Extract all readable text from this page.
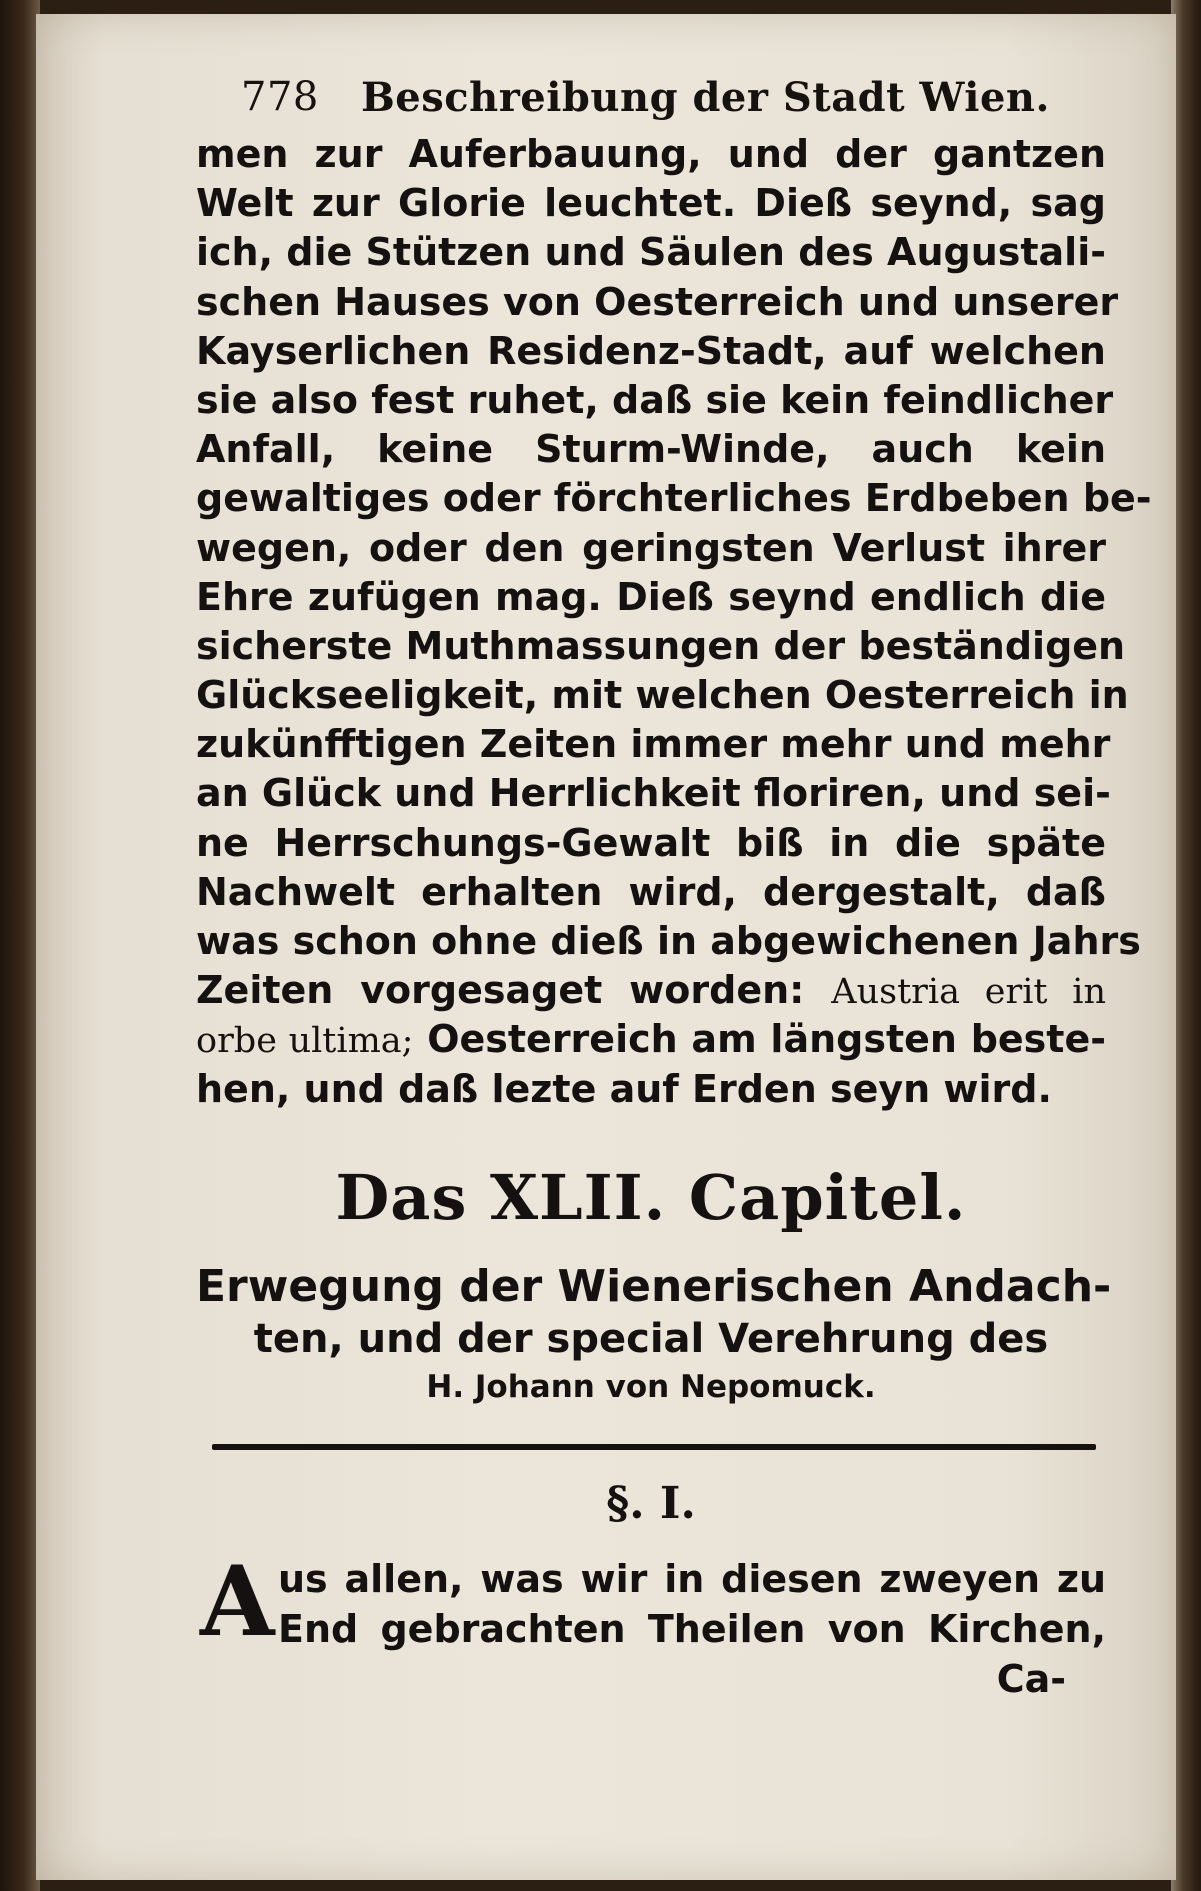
778 Beschreibung der Stadt Wien.
men zur Auferbauung, und der gantzen
Welt zur Glorie leuchtet. Dieß seynd, sag
ich, die Stützen und Säulen des Augustali-
schen Hauses von Oesterreich und unserer
Kayserlichen Residenz-Stadt, auf welchen
sie also fest ruhet, daß sie kein feindlicher
Anfall, keine Sturm-Winde, auch kein
gewaltiges oder förchterliches Erdbeben be-
wegen, oder den geringsten Verlust ihrer
Ehre zufügen mag. Dieß seynd endlich die
sicherste Muthmassungen der beständigen
Glückseeligkeit, mit welchen Oesterreich in
zukünfftigen Zeiten immer mehr und mehr
an Glück und Herrlichkeit floriren, und sei-
ne Herrschungs-Gewalt biß in die späte
Nachwelt erhalten wird, dergestalt, daß
was schon ohne dieß in abgewichenen Jahrs
Zeiten vorgesaget worden: Austria erit in
orbe ultima; Oesterreich am längsten beste-
hen, und daß lezte auf Erden seyn wird.
Das XLII. Capitel.
Erwegung der Wienerischen Andach-
ten, und der special Verehrung des
H. Johann von Nepomuck.
§. I.
A us allen, was wir in diesen zweyen zu
End gebrachten Theilen von Kirchen,
Ca-
